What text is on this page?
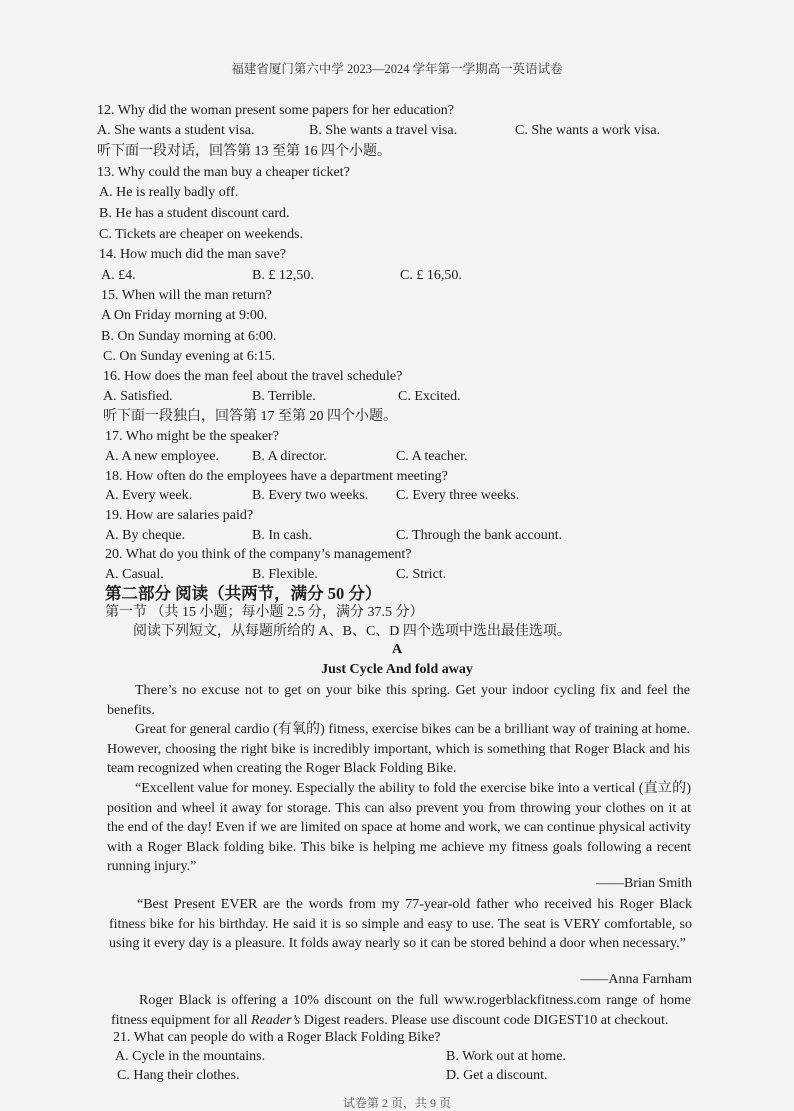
福建省厦门第六中学 2023—2024 学年第一学期高一英语试卷
12. Why did the woman present some papers for her education?
A. She wants a student visa.	B. She wants a travel visa.	C. She wants a work visa.
听下面一段对话，回答第 13 至第 16 四个小题。
13. Why could the man buy a cheaper ticket?
A. He is really badly off.
B. He has a student discount card.
C. Tickets are cheaper on weekends.
14. How much did the man save?
A. £4.	B. £ 12,50.	C. £ 16,50.
15. When will the man return?
A On Friday morning at 9:00.
B. On Sunday morning at 6:00.
C. On Sunday evening at 6:15.
16. How does the man feel about the travel schedule?
A. Satisfied.	B. Terrible.	C. Excited.
听下面一段独白，回答第 17 至第 20 四个小题。
17. Who might be the speaker?
A. A new employee. B. A director.	C. A teacher.
18. How often do the employees have a department meeting?
A. Every week.	B. Every two weeks. C. Every three weeks.
19. How are salaries paid?
A. By cheque.	B. In cash.	C. Through the bank account.
20. What do you think of the company’s management?
A. Casual.	B. Flexible.	C. Strict.
第二部分 阅读（共两节，满分 50 分）
第一节 （共 15 小题；每小题 2.5 分，满分 37.5 分）
阅读下列短文，从每题所给的 A、B、C、D 四个选项中选出最佳选项。
A
Just Cycle And fold away
There’s no excuse not to get on your bike this spring. Get your indoor cycling fix and feel the benefits.
Great for general cardio (有氧的) fitness, exercise bikes can be a brilliant way of training at home. However, choosing the right bike is incredibly important, which is something that Roger Black and his team recognized when creating the Roger Black Folding Bike.
“Excellent value for money. Especially the ability to fold the exercise bike into a vertical (直立的) position and wheel it away for storage. This can also prevent you from throwing your clothes on it at the end of the day! Even if we are limited on space at home and work, we can continue physical activity with a Roger Black folding bike. This bike is helping me achieve my fitness goals following a recent running injury.”
——Brian Smith
“Best Present EVER are the words from my 77-year-old father who received his Roger Black fitness bike for his birthday. He said it is so simple and easy to use. The seat is VERY comfortable, so using it every day is a pleasure. It folds away nearly so it can be stored behind a door when necessary.”
——Anna Farnham
Roger Black is offering a 10% discount on the full www.rogerblackfitness.com range of home fitness equipment for all Reader’s Digest readers. Please use discount code DIGEST10 at checkout.
21. What can people do with a Roger Black Folding Bike?
A. Cycle in the mountains.	B. Work out at home.
C. Hang their clothes.	D. Get a discount.
试卷第 2 页，共 9 页
